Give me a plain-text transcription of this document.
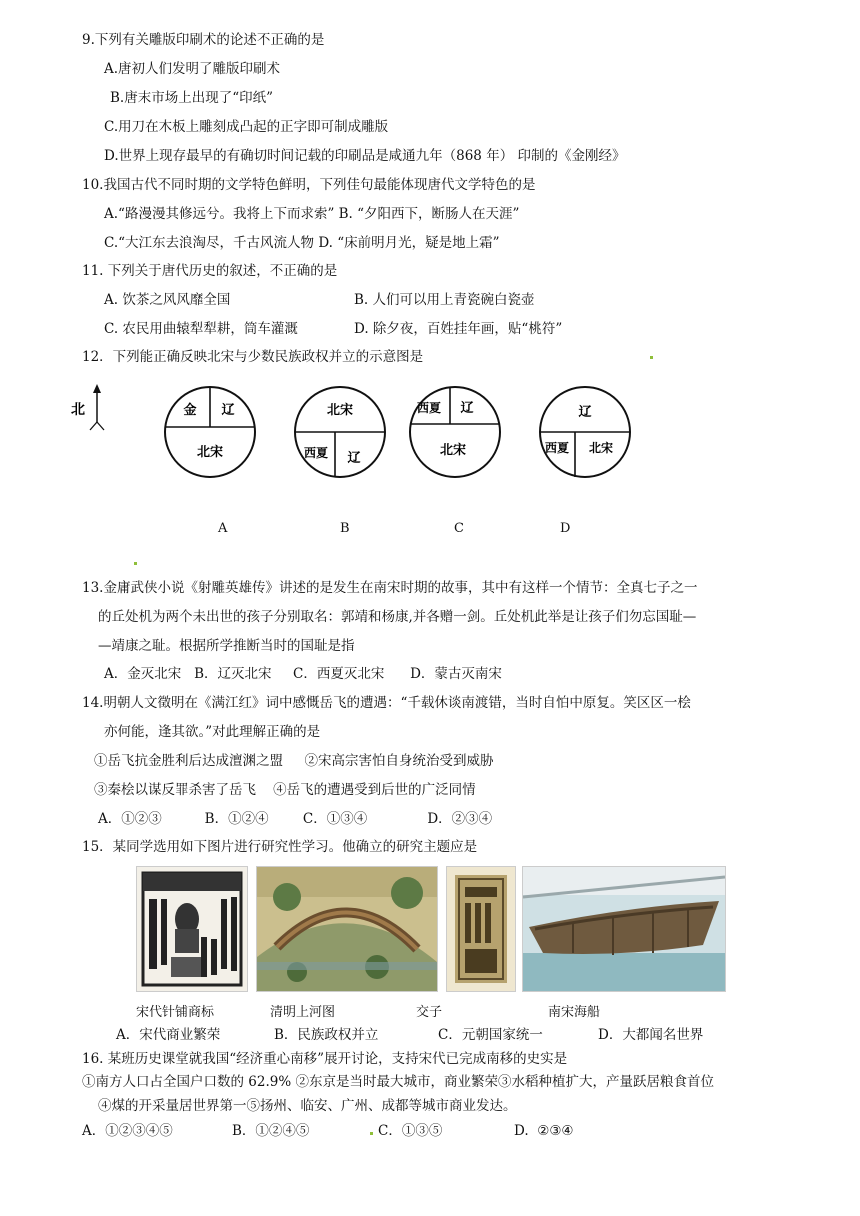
9.下列有关雕版印刷术的论述不正确的是
A.唐初人们发明了雕版印刷术
B.唐末市场上出现了“印纸”
C.用刀在木板上雕刻成凸起的正字即可制成雕版
D.世界上现存最早的有确切时间记载的印刷品是咸通九年（868 年） 印制的《金刚经》
10.我国古代不同时期的文学特色鲜明，下列佳句最能体现唐代文学特色的是
A.“路漫漫其修远兮。我将上下而求索” B. “夕阳西下，断肠人在天涯”
C.“大江东去浪淘尽，千古风流人物 D. “床前明月光，疑是地上霜”
11. 下列关于唐代历史的叙述，不正确的是
A. 饮茶之风风靡全国	B. 人们可以用上青瓷碗白瓷壶
C. 农民用曲辕犁犁耕，筒车灌溉	D. 除夕夜，百姓挂年画，贴“桃符”
12．下列能正确反映北宋与少数民族政权并立的示意图是
北	金 辽
北宋
北宋
西夏 辽
西夏 辽
北宋
辽
西夏 北宋
A	B	C	D
13.金庸武侠小说《射雕英雄传》讲述的是发生在南宋时期的故事，其中有这样一个情节：全真七子之一
的丘处机为两个未出世的孩子分别取名：郭靖和杨康,并各赠一剑。丘处机此举是让孩子们勿忘国耻—
—靖康之耻。根据所学推断当时的国耻是指
A．金灭北宋   B．辽灭北宋     C．西夏灭北宋      D．蒙古灭南宋
14.明朝人文徵明在《满江红》词中感慨岳飞的遭遇：“千载休谈南渡错，当时自怕中原复。笑区区一桧
亦何能，逢其欲。”对此理解正确的是
①岳飞抗金胜利后达成澶渊之盟     ②宋高宗害怕自身统治受到威胁
③秦桧以谋反罪杀害了岳飞    ④岳飞的遭遇受到后世的广泛同情
A．①②③          B．①②④        C．①③④              D．②③④
15．某同学选用如下图片进行研究性学习。他确立的研究主题应是
宋代针铺商标	清明上河图	交子	南宋海船
A．宋代商业繁荣	B．民族政权并立	C．元朝国家统一	D．大都闻名世界
16. 某班历史课堂就我国“经济重心南移”展开讨论，支持宋代已完成南移的史实是
①南方人口占全国户口数的 62.9% ②东京是当时最大城市，商业繁荣③水稻种植扩大，产量跃居粮食首位
④煤的开采量居世界第一⑤扬州、临安、广州、成都等城市商业发达。
A．①②③④⑤	B．①②④⑤	C．①③⑤	D.  ②③④
